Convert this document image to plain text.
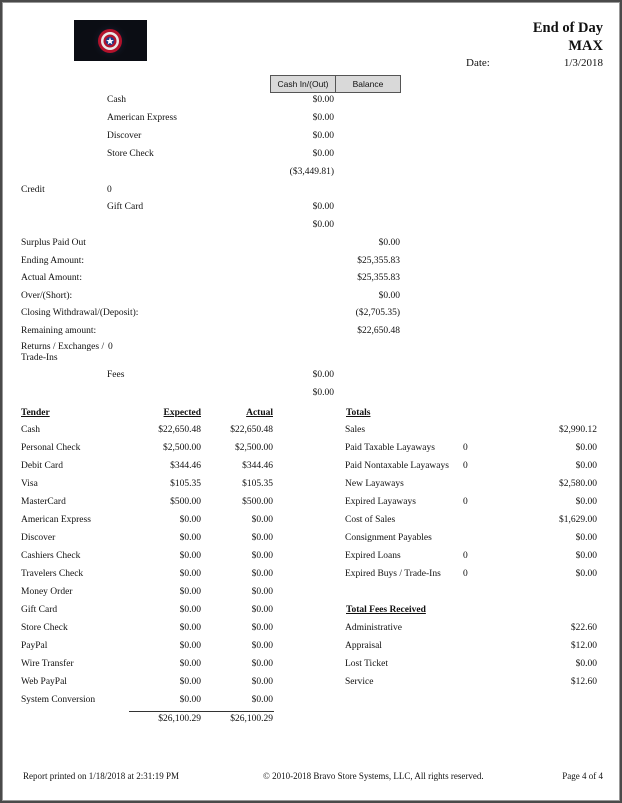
End of Day
MAX
Date:	1/3/2018
Cash In/(Out)	Balance
Cash	$0.00
American Express	$0.00
Discover	$0.00
Store Check	$0.00
($3,449.81)
Credit	0
Gift Card	$0.00
$0.00
Surplus Paid Out	$0.00
Ending Amount:	$25,355.83
Actual Amount:	$25,355.83
Over/(Short):	$0.00
Closing Withdrawal/(Deposit):	($2,705.35)
Remaining amount:	$22,650.48
Returns / Exchanges /
Trade-Ins
0
Fees	$0.00
$0.00
Tender	Expected	Actual
Cash	$22,650.48	$22,650.48
Personal Check	$2,500.00	$2,500.00
Debit Card	$344.46	$344.46
Visa	$105.35	$105.35
MasterCard	$500.00	$500.00
American Express	$0.00	$0.00
Discover	$0.00	$0.00
Cashiers Check	$0.00	$0.00
Travelers Check	$0.00	$0.00
Money Order	$0.00	$0.00
Gift Card	$0.00	$0.00
Store Check	$0.00	$0.00
PayPal	$0.00	$0.00
Wire Transfer	$0.00	$0.00
Web PayPal	$0.00	$0.00
System Conversion	$0.00	$0.00
$26,100.29	$26,100.29
Totals
Sales	$2,990.12
Paid Taxable Layaways	0	$0.00
Paid Nontaxable Layaways 0	$0.00
New Layaways	$2,580.00
Expired Layaways	0	$0.00
Cost of Sales	$1,629.00
Consignment Payables	$0.00
Expired Loans	0	$0.00
Expired Buys / Trade-Ins 0	$0.00
Total Fees Received
Administrative	$22.60
Appraisal	$12.00
Lost Ticket	$0.00
Service	$12.60
Report printed on 1/18/2018 at 2:31:19 PM	© 2010-2018 Bravo Store Systems, LLC, All rights reserved.	Page 4 of 4
